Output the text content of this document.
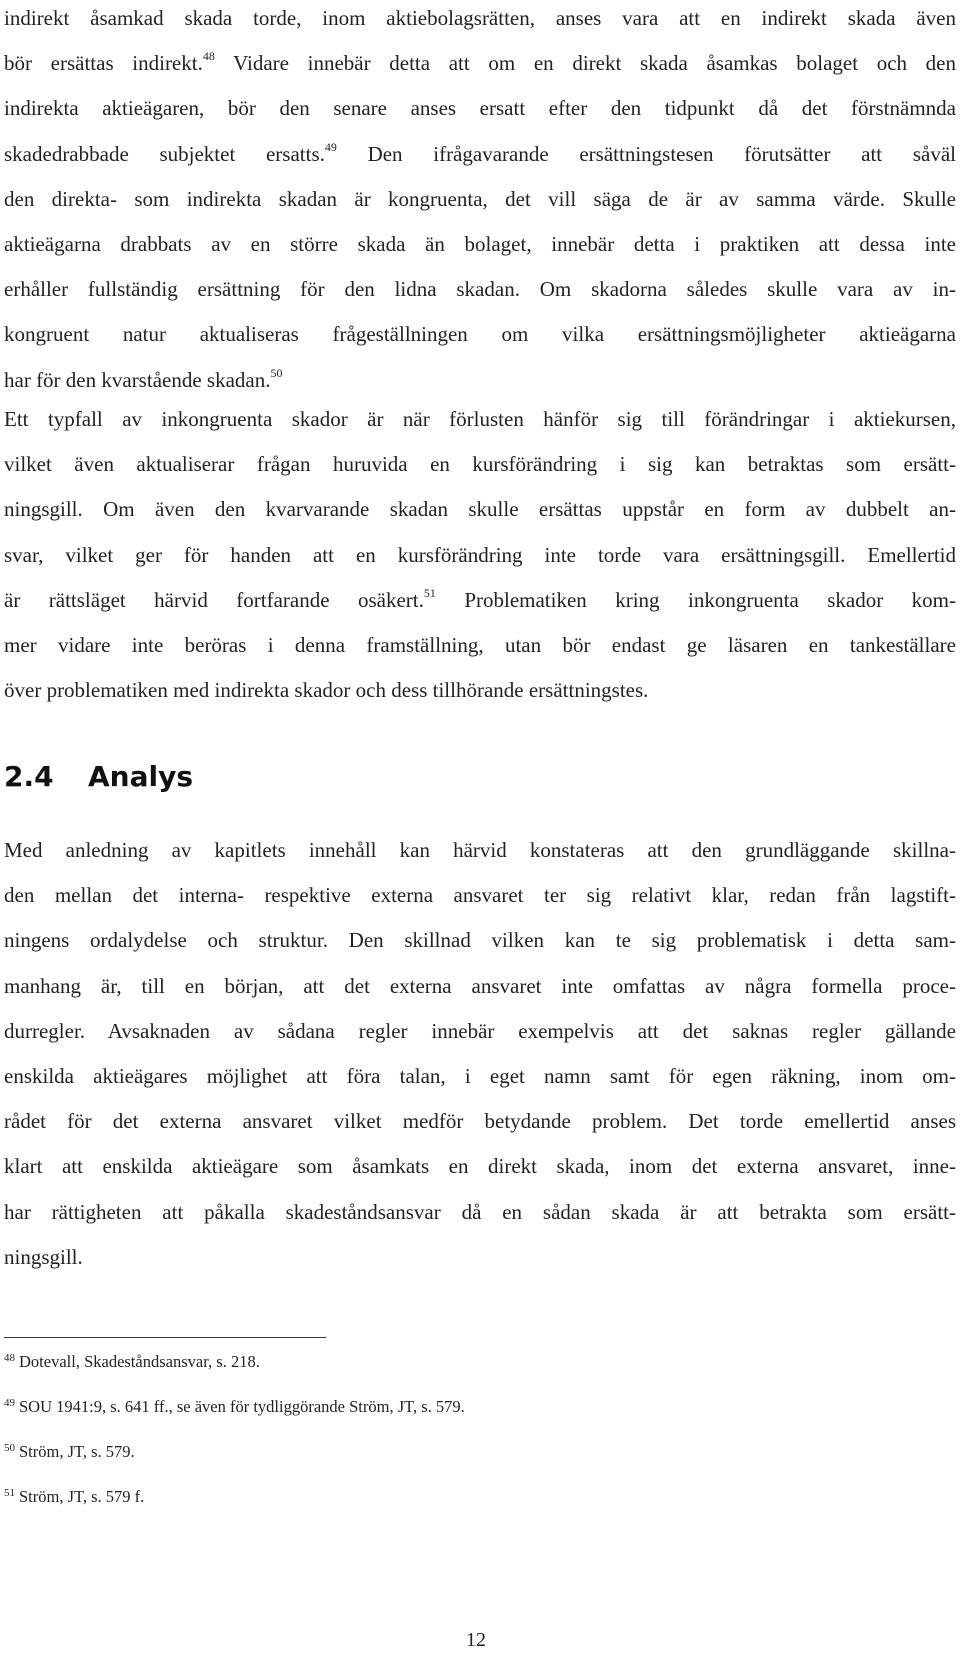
indirekt åsamkad skada torde, inom aktiebolagsrätten, anses vara att en indirekt skada även
bör ersättas indirekt.$^{48}$ Vidare innebär detta att om en direkt skada åsamkas bolaget och den
indirekta aktieägaren, bör den senare anses ersatt efter den tidpunkt då det förstnämnda
skadedrabbade subjektet ersatts.$^{49}$ Den ifrågavarande ersättningstesen förutsätter att såväl
den direkta- som indirekta skadan är kongruenta, det vill säga de är av samma värde. Skulle
aktieägarna drabbats av en större skada än bolaget, innebär detta i praktiken att dessa inte
erhåller fullständig ersättning för den lidna skadan. Om skadorna således skulle vara av in-
kongruent natur aktualiseras frågeställningen om vilka ersättningsmöjligheter aktieägarna
har för den kvarstående skadan.$^{50}$
Ett typfall av inkongruenta skador är när förlusten hänför sig till förändringar i aktiekursen,
vilket även aktualiserar frågan huruvida en kursförändring i sig kan betraktas som ersätt-
ningsgill. Om även den kvarvarande skadan skulle ersättas uppstår en form av dubbelt an-
svar, vilket ger för handen att en kursförändring inte torde vara ersättningsgill. Emellertid
är rättsläget härvid fortfarande osäkert.$^{51}$ Problematiken kring inkongruenta skador kom-
mer vidare inte beröras i denna framställning, utan bör endast ge läsaren en tankeställare
över problematiken med indirekta skador och dess tillhörande ersättningstes.
2.4 Analys
Med anledning av kapitlets innehåll kan härvid konstateras att den grundläggande skillna-
den mellan det interna- respektive externa ansvaret ter sig relativt klar, redan från lagstift-
ningens ordalydelse och struktur. Den skillnad vilken kan te sig problematisk i detta sam-
manhang är, till en början, att det externa ansvaret inte omfattas av några formella proce-
durregler. Avsaknaden av sådana regler innebär exempelvis att det saknas regler gällande
enskilda aktieägares möjlighet att föra talan, i eget namn samt för egen räkning, inom om-
rådet för det externa ansvaret vilket medför betydande problem. Det torde emellertid anses
klart att enskilda aktieägare som åsamkats en direkt skada, inom det externa ansvaret, inne-
har rättigheten att påkalla skadeståndsansvar då en sådan skada är att betrakta som ersätt-
ningsgill.
$^{48}$ Dotevall, Skadeståndsansvar, s. 218.
$^{49}$ SOU 1941:9, s. 641 ff., se även för tydliggörande Ström, JT, s. 579.
$^{50}$ Ström, JT, s. 579.
$^{51}$ Ström, JT, s. 579 f.
12
